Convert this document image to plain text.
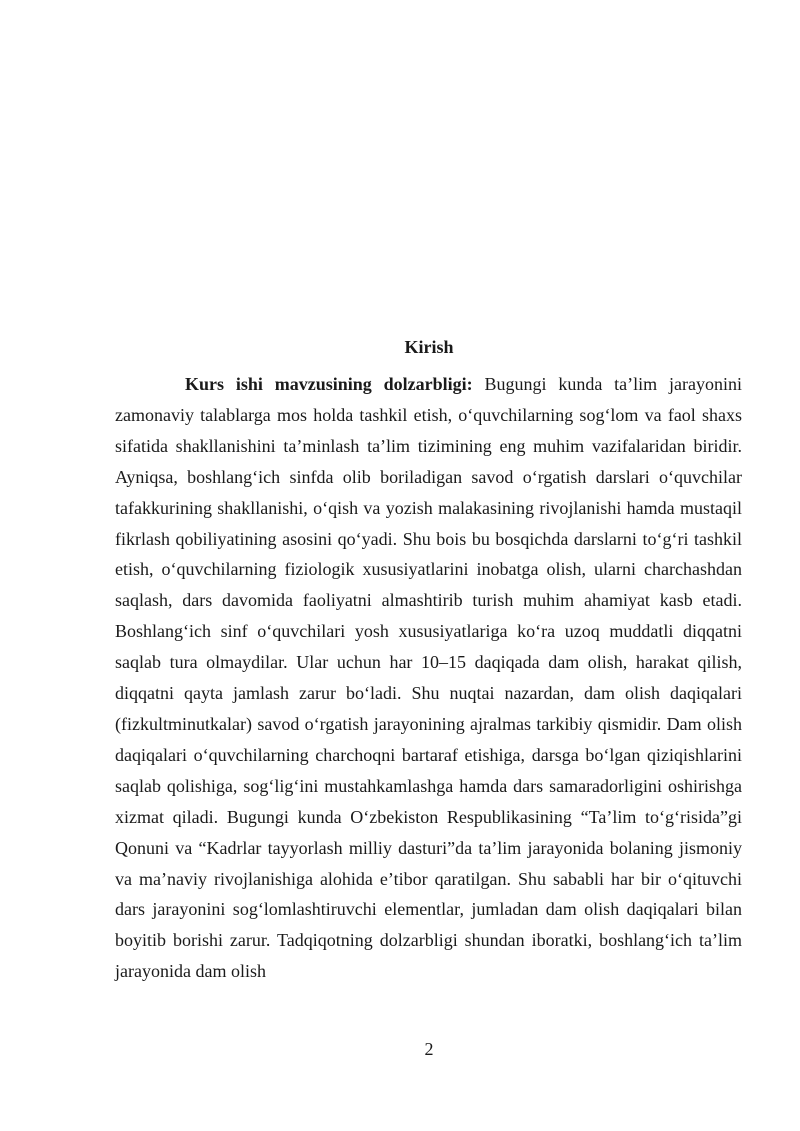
Kirish

Kurs ishi mavzusining dolzarbligi: Bugungi kunda ta’lim jarayonini zamonaviy talablarga mos holda tashkil etish, o‘quvchilarning sog‘lom va faol shaxs sifatida shakllanishini ta’minlash ta’lim tizimining eng muhim vazifalaridan biridir. Ayniqsa, boshlang‘ich sinfda olib boriladigan savod o‘rgatish darslari o‘quvchilar tafakkurining shakllanishi, o‘qish va yozish malakasining rivojlanishi hamda mustaqil fikrlash qobiliyatining asosini qo‘yadi. Shu bois bu bosqichda darslarni to‘g‘ri tashkil etish, o‘quvchilarning fiziologik xususiyatlarini inobatga olish, ularni charchashdan saqlash, dars davomida faoliyatni almashtirib turish muhim ahamiyat kasb etadi. Boshlang‘ich sinf o‘quvchilari yosh xususiyatlariga ko‘ra uzoq muddatli diqqatni saqlab tura olmaydilar. Ular uchun har 10–15 daqiqada dam olish, harakat qilish, diqqatni qayta jamlash zarur bo‘ladi. Shu nuqtai nazardan, dam olish daqiqalari (fizkultminutkalar) savod o‘rgatish jarayonining ajralmas tarkibiy qismidir. Dam olish daqiqalari o‘quvchilarning charchoqni bartaraf etishiga, darsga bo‘lgan qiziqishlarini saqlab qolishiga, sog‘lig‘ini mustahkamlashga hamda dars samaradorligini oshirishga xizmat qiladi. Bugungi kunda O‘zbekiston Respublikasining “Ta’lim to‘g‘risida”gi Qonuni va “Kadrlar tayyorlash milliy dasturi”da ta’lim jarayonida bolaning jismoniy va ma’naviy rivojlanishiga alohida e’tibor qaratilgan. Shu sababli har bir o‘qituvchi dars jarayonini sog‘lomlashtiruvchi elementlar, jumladan dam olish daqiqalari bilan boyitib borishi zarur. Tadqiqotning dolzarbligi shundan iboratki, boshlang‘ich ta’lim jarayonida dam olish

2
